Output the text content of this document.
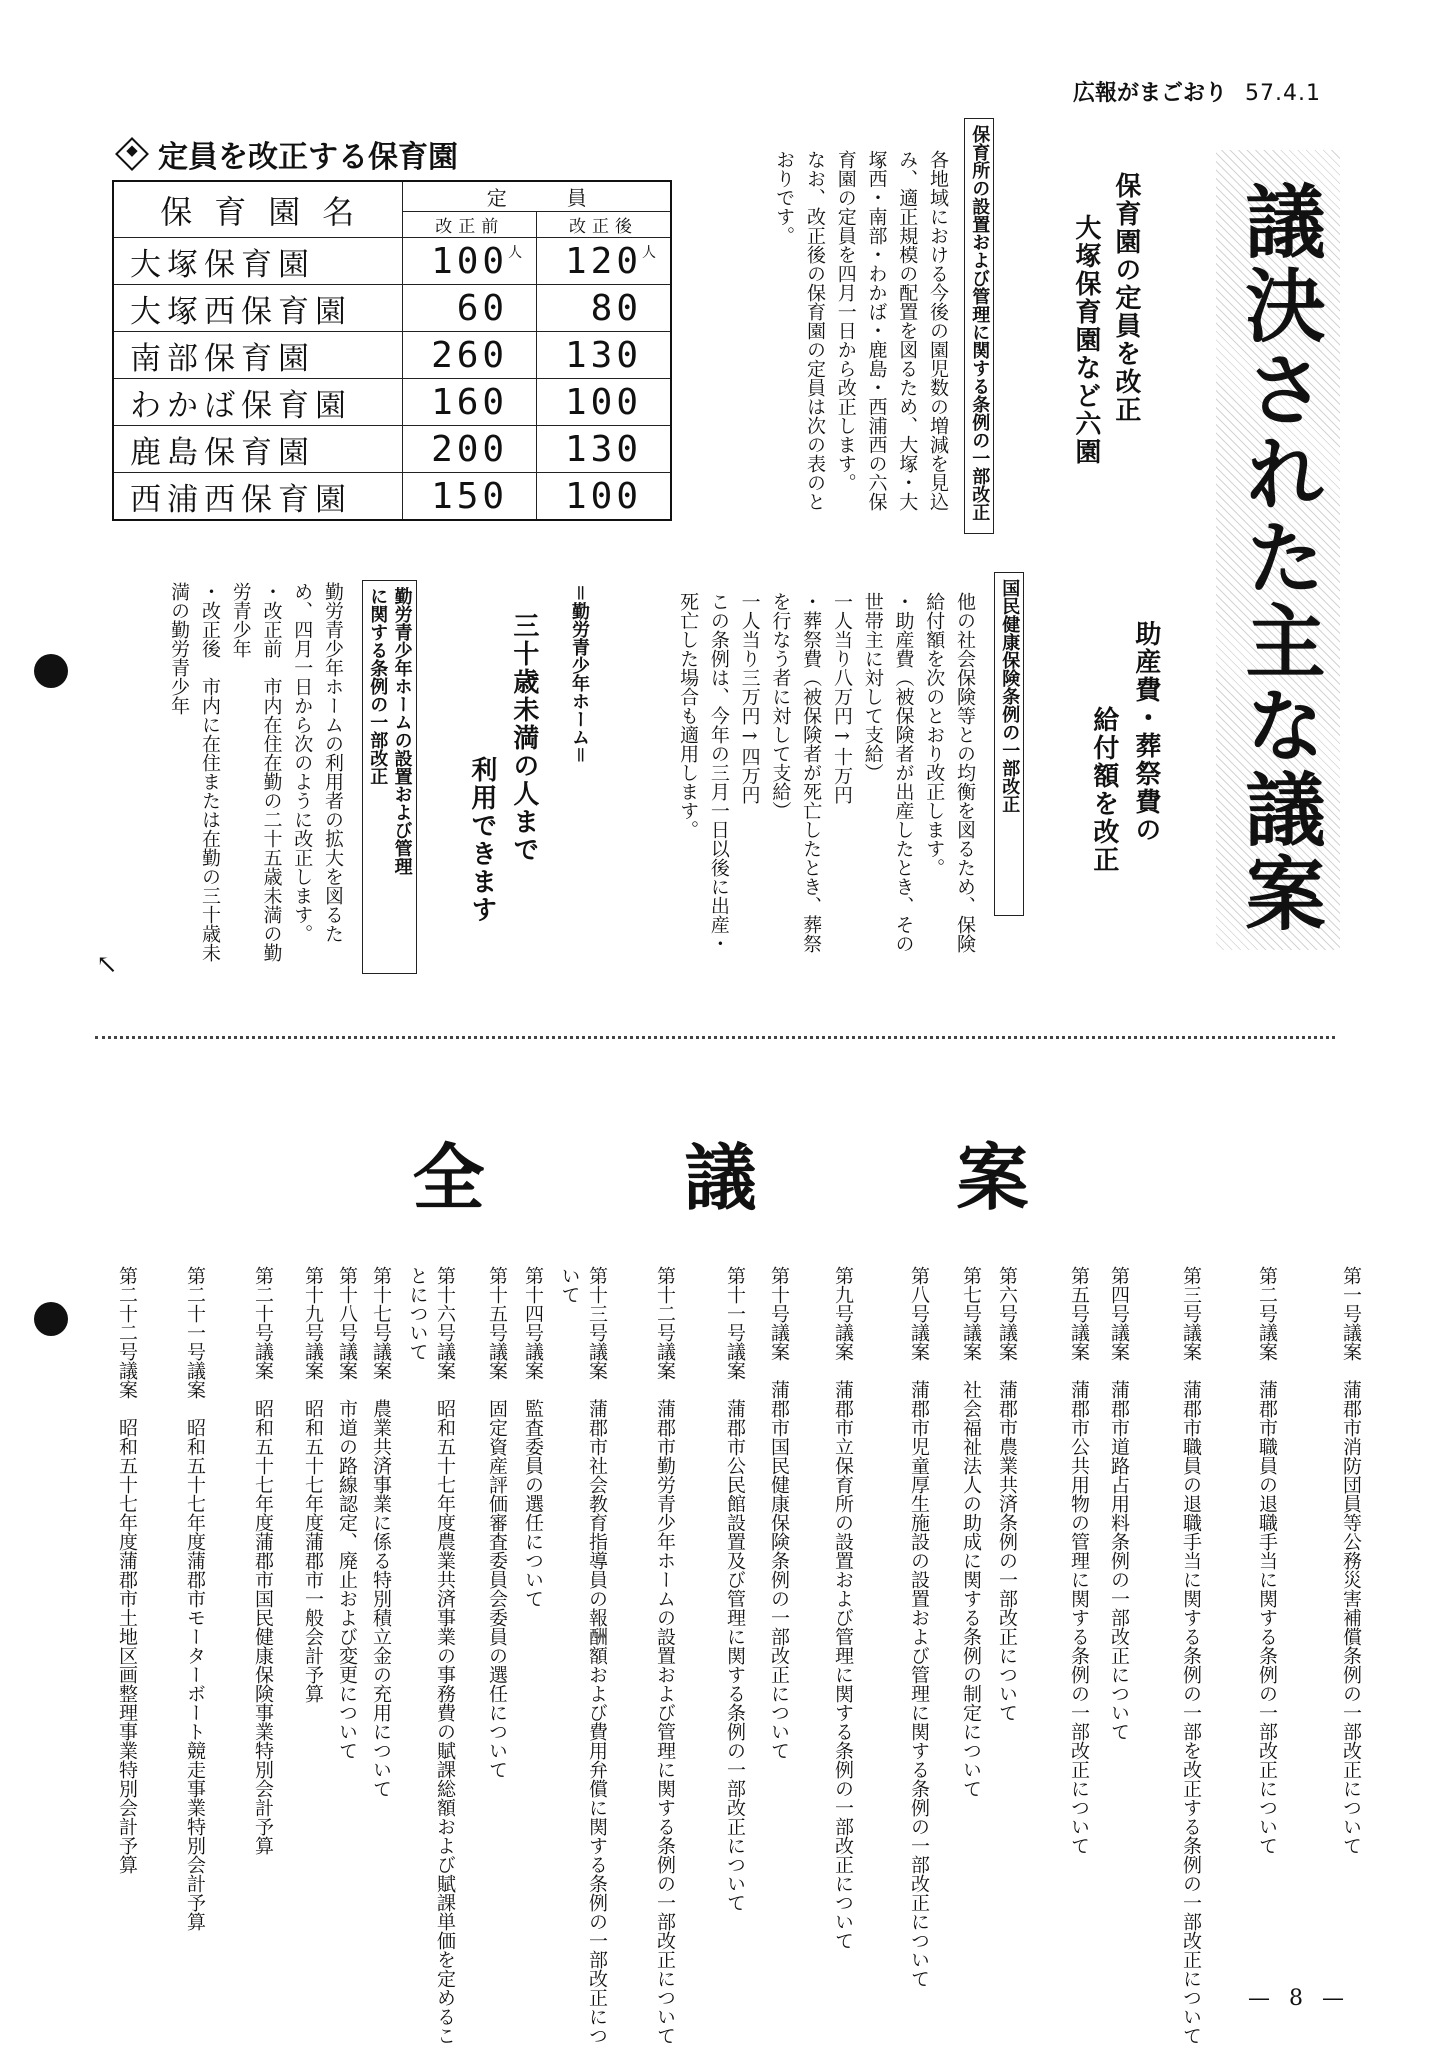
広報がまごおり 57.4.1
議決された主な議案
保育園の定員を改正
大塚保育園など六園
保育所の設置および管理に関する条例の一部改正
各地域における今後の園児数の増減を見込み、適正規模の配置を図るため、大塚・大塚西・南部・わかば・鹿島・西浦西の六保育園の定員を四月一日から改正します。
なお、改正後の保育園の定員は次の表のとおりです。
定員を改正する保育園
保育園名	定員	
	改正前	改正後
大塚保育園	100 人	120 人

大塚西保育園	60	80
南部保育園	260	130
わかば保育園	160	100
鹿島保育園	200	130
西浦西保育園	150	100
助産費・葬祭費の
給付額を改正
国民健康保険条例の一部改正
他の社会保険等との均衡を図るため、保険給付額を次のとおり改正します。
・助産費（被保険者が出産したとき、その世帯主に対して支給）
一人当り八万円→十万円
・葬祭費（被保険者が死亡したとき、葬祭を行なう者に対して支給）
一人当り三万円→四万円
この条例は、今年の三月一日以後に出産・死亡した場合も適用します。
＝勤労青少年ホーム＝
三十歳未満の人まで
利用できます
勤労青少年ホームの設置および管理
に関する条例の一部改正
勤労青少年ホームの利用者の拡大を図るため、四月一日から次のように改正します。
・改正前　市内在住在勤の二十五歳未満の勤労青少年
・改正後　市内に在住または在勤の三十歳未満の勤労青少年
↖
全議案
第一号議案　蒲郡市消防団員等公務災害補償条例の一部改正について
第二号議案　蒲郡市職員の退職手当に関する条例の一部改正について
第三号議案　蒲郡市職員の退職手当に関する条例の一部を改正する条例の一部改正について
第四号議案　蒲郡市道路占用料条例の一部改正について
第五号議案　蒲郡市公共用物の管理に関する条例の一部改正について
第六号議案　蒲郡市農業共済条例の一部改正について
第七号議案　社会福祉法人の助成に関する条例の制定について
第八号議案　蒲郡市児童厚生施設の設置および管理に関する条例の一部改正について
第九号議案　蒲郡市立保育所の設置および管理に関する条例の一部改正について
第十号議案　蒲郡市国民健康保険条例の一部改正について
第十一号議案　蒲郡市公民館設置及び管理に関する条例の一部改正について
第十二号議案　蒲郡市勤労青少年ホームの設置および管理に関する条例の一部改正について
第十三号議案　蒲郡市社会教育指導員の報酬額および費用弁償に関する条例の一部改正について
第十四号議案　監査委員の選任について
第十五号議案　固定資産評価審査委員会委員の選任について
第十六号議案　昭和五十七年度農業共済事業の事務費の賦課総額および賦課単価を定めることについて
第十七号議案　農業共済事業に係る特別積立金の充用について
第十八号議案　市道の路線認定、廃止および変更について
第十九号議案　昭和五十七年度蒲郡市一般会計予算
第二十号議案　昭和五十七年度蒲郡市国民健康保険事業特別会計予算
第二十一号議案　昭和五十七年度蒲郡市モーターボート競走事業特別会計予算
第二十二号議案　昭和五十七年度蒲郡市土地区画整理事業特別会計予算
— 8 —
